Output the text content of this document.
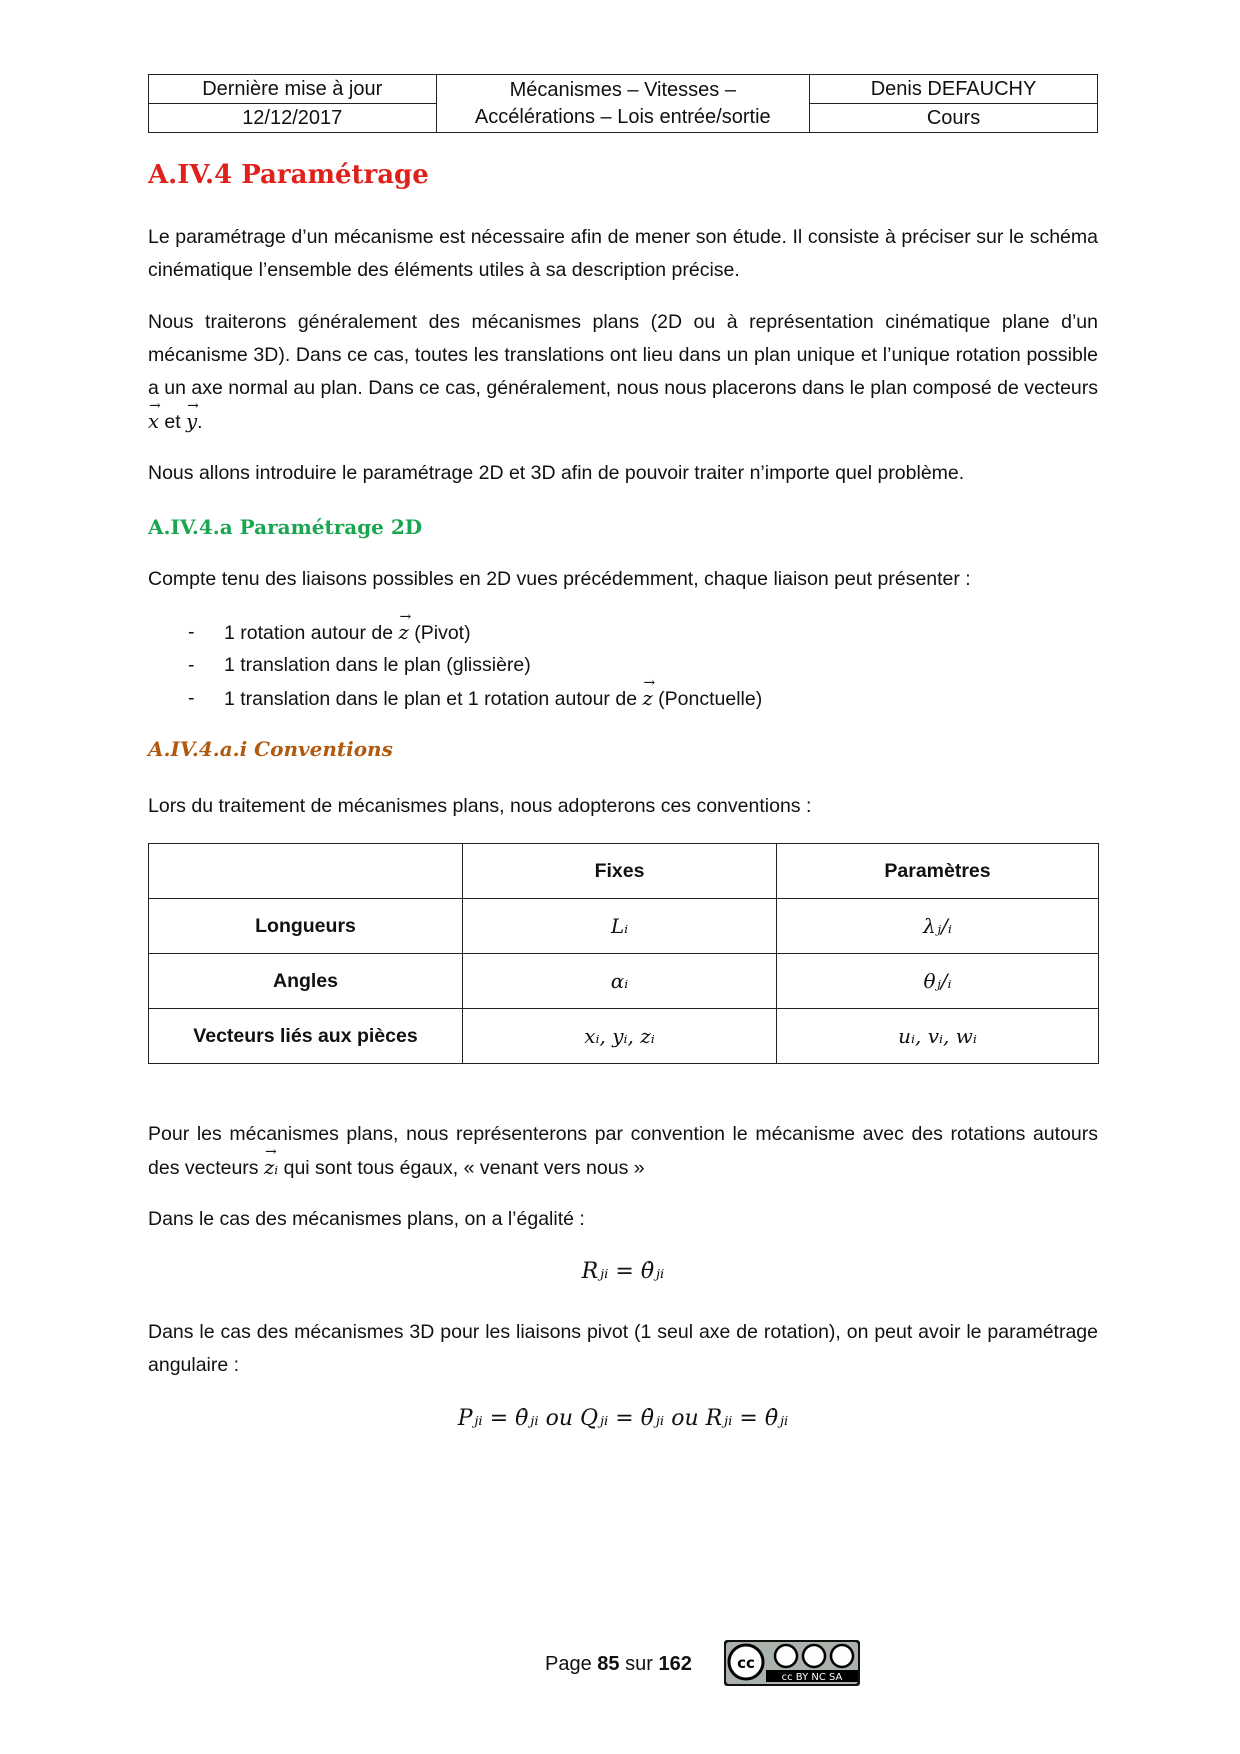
Dernière mise à jour	Mécanismes – Vitesses – Accélérations – Lois entrée/sortie	Denis DEFAUCHY
12/12/2017		Cours
A.IV.4 Paramétrage

Le paramétrage d’un mécanisme est nécessaire afin de mener son étude. Il consiste à préciser sur le schéma cinématique l’ensemble des éléments utiles à sa description précise.

Nous traiterons généralement des mécanismes plans (2D ou à représentation cinématique plane d’un mécanisme 3D). Dans ce cas, toutes les translations ont lieu dans un plan unique et l’unique rotation possible a un axe normal au plan. Dans ce cas, généralement, nous nous placerons dans le plan composé de vecteurs → x et → y.

Nous allons introduire le paramétrage 2D et 3D afin de pouvoir traiter n’importe quel problème.

A.IV.4.a Paramétrage 2D

Compte tenu des liaisons possibles en 2D vues précédemment, chaque liaison peut présenter :

- 1 rotation autour de → z (Pivot)
- 1 translation dans le plan (glissière)
- 1 translation dans le plan et 1 rotation autour de → z (Ponctuelle)
A.IV.4.a.i Conventions

Lors du traitement de mécanismes plans, nous adopterons ces conventions :

	Fixes	Paramètres
Longueurs	Lᵢ	λⱼ/ᵢ
Angles	αᵢ	θⱼ/ᵢ
Vecteurs liés aux pièces	xᵢ, yᵢ, zᵢ	uᵢ, vᵢ, wᵢ

Pour les mécanismes plans, nous représenterons par convention le mécanisme avec des rotations autours des vecteurs → zᵢ qui sont tous égaux, « venant vers nous »

Dans le cas des mécanismes plans, on a l’égalité :

Rⱼᵢ = θ̇ⱼᵢ

Dans le cas des mécanismes 3D pour les liaisons pivot (1 seul axe de rotation), on peut avoir le paramétrage angulaire :

Pⱼᵢ = θ̇ⱼᵢ ou Qⱼᵢ = θ̇ⱼᵢ ou Rⱼᵢ = θ̇ⱼᵢ
Page 85 sur 162	cc
cc BY NC SA
